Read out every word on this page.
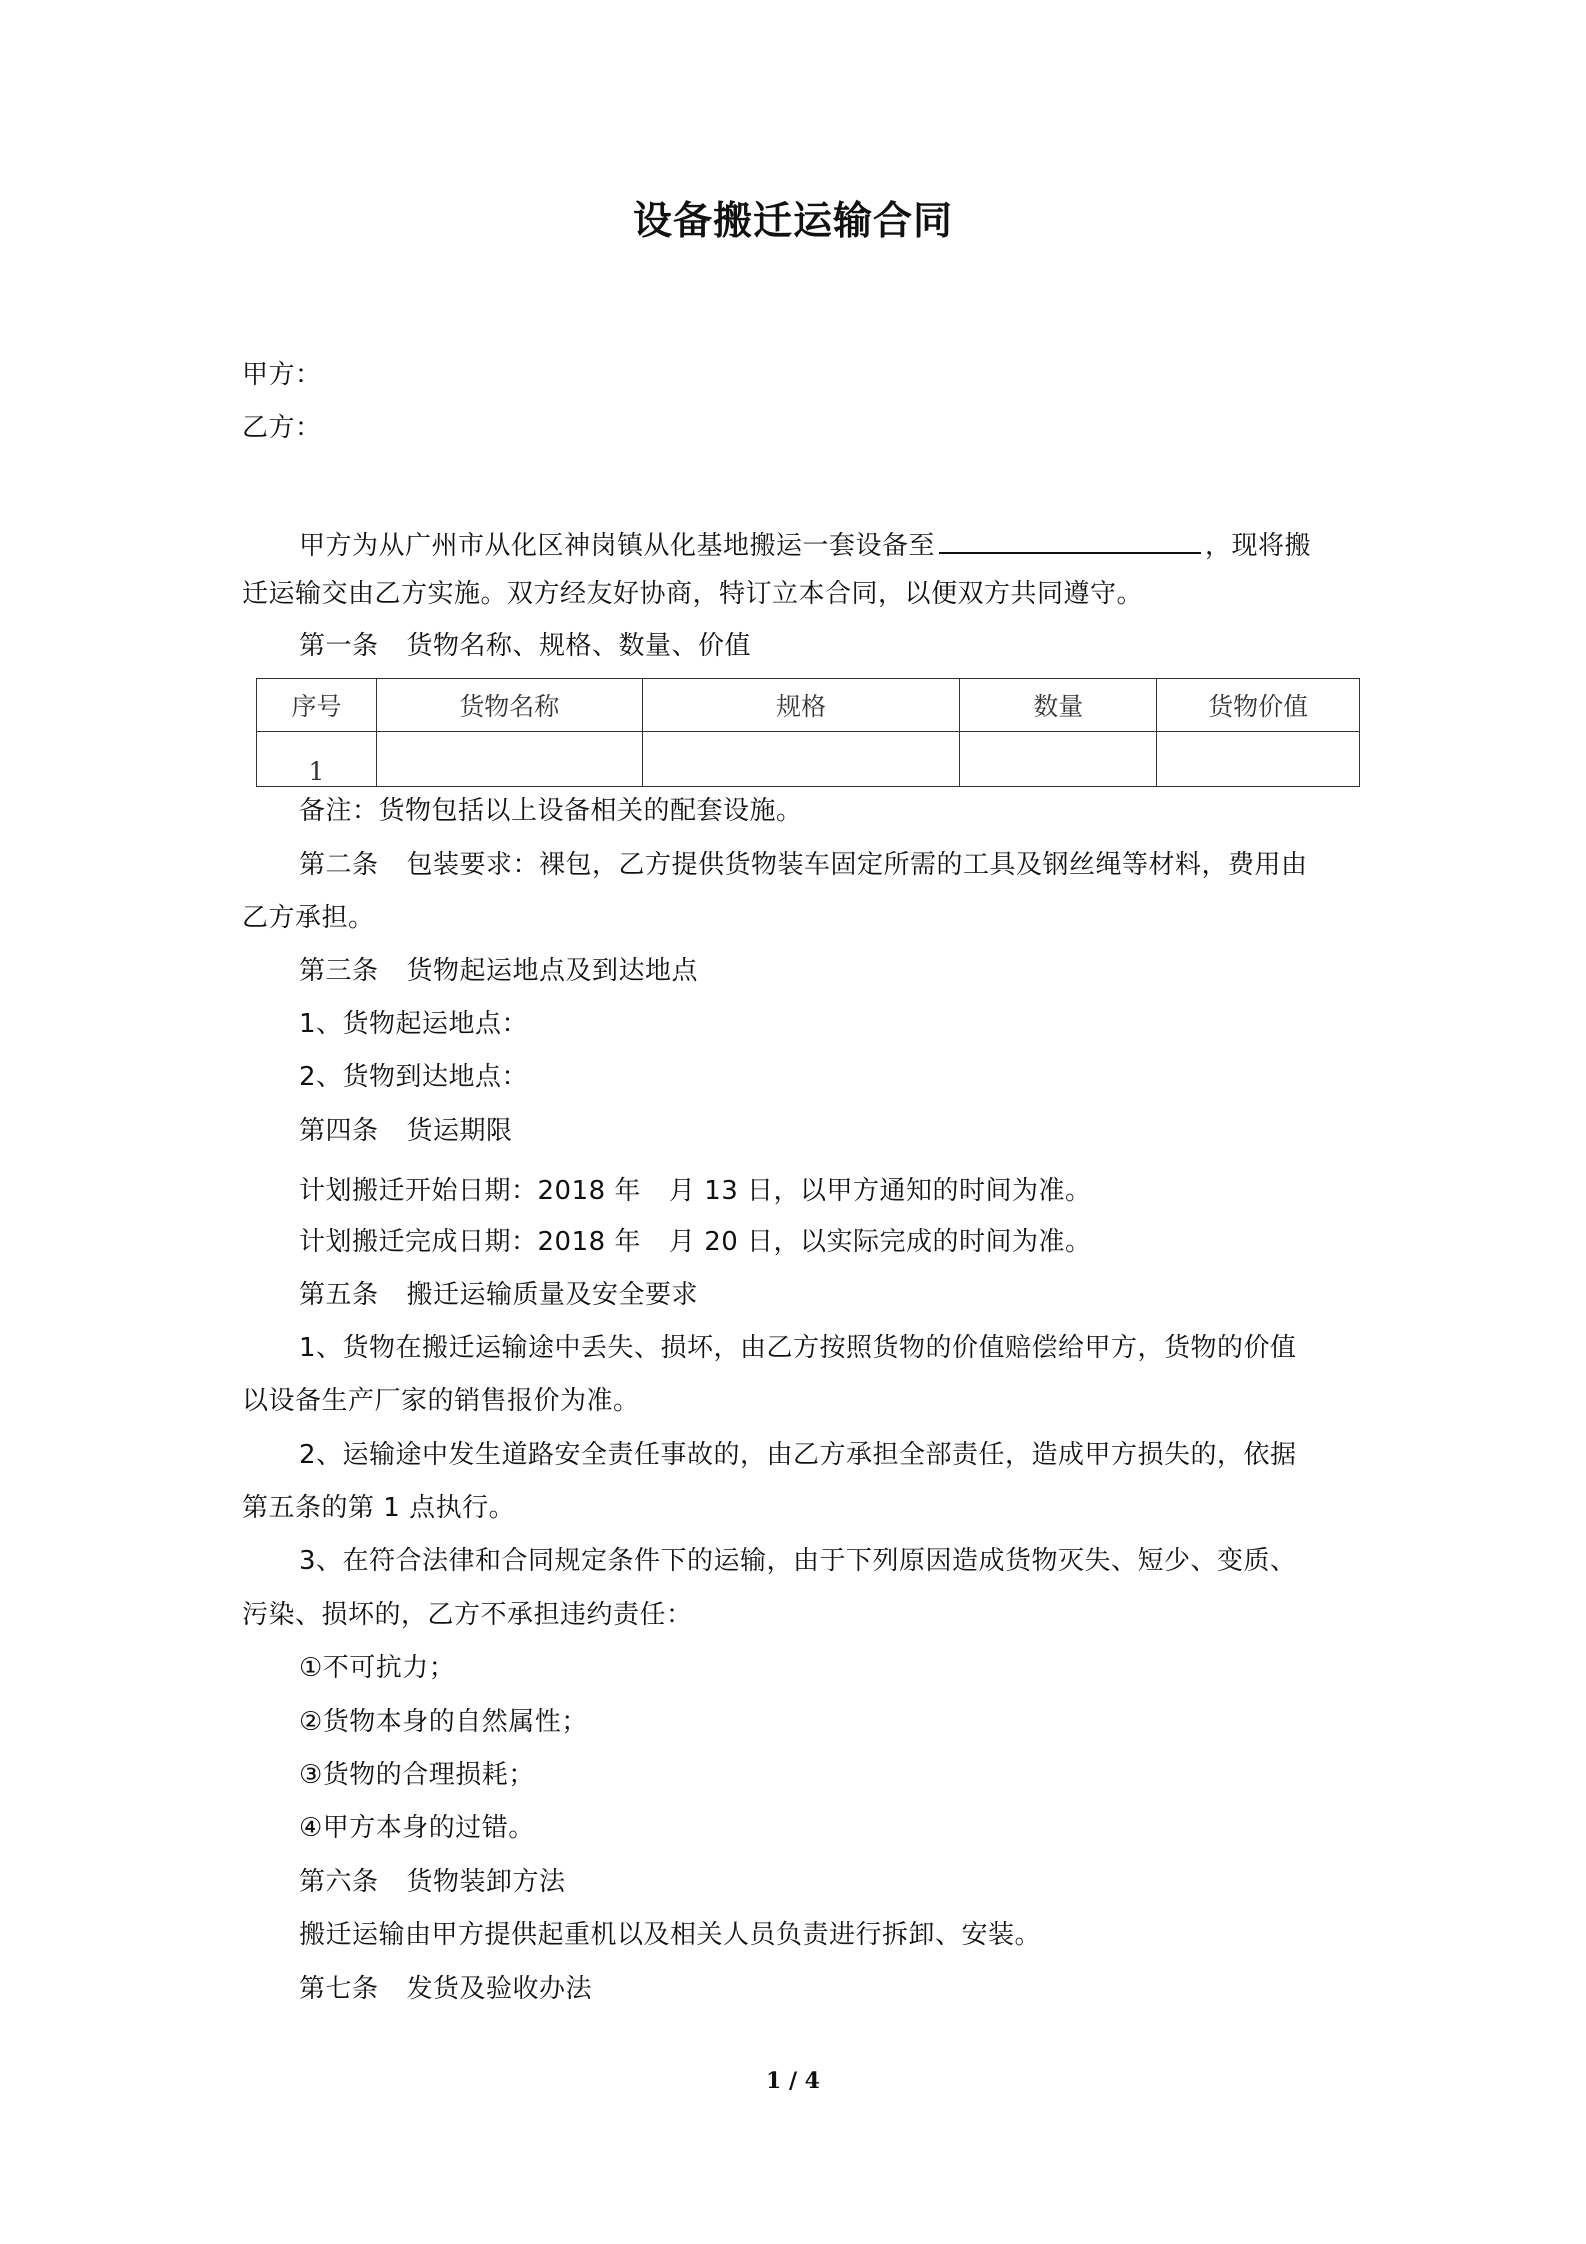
设备搬迁运输合同
甲方：
乙方：
甲方为从广州市从化区神岗镇从化基地搬运一套设备至	，现将搬
迁运输交由乙方实施。双方经友好协商，特订立本合同，以便双方共同遵守。
第一条 货物名称、规格、数量、价值
序号	货物名称	规格	数量	货物价值
1				
备注：货物包括以上设备相关的配套设施。
第二条 包装要求：裸包，乙方提供货物装车固定所需的工具及钢丝绳等材料，费用由
乙方承担。
第三条 货物起运地点及到达地点
1、货物起运地点：
2、货物到达地点：
第四条 货运期限
计划搬迁开始日期：2018 年 月 13 日，以甲方通知的时间为准。
计划搬迁完成日期：2018 年 月 20 日，以实际完成的时间为准。
第五条 搬迁运输质量及安全要求
1、货物在搬迁运输途中丢失、损坏，由乙方按照货物的价值赔偿给甲方，货物的价值
以设备生产厂家的销售报价为准。
2、运输途中发生道路安全责任事故的，由乙方承担全部责任，造成甲方损失的，依据
第五条的第 1 点执行。
3、在符合法律和合同规定条件下的运输，由于下列原因造成货物灭失、短少、变质、
污染、损坏的，乙方不承担违约责任：
①不可抗力；
②货物本身的自然属性；
③货物的合理损耗；
④甲方本身的过错。
第六条 货物装卸方法
搬迁运输由甲方提供起重机以及相关人员负责进行拆卸、安装。
第七条 发货及验收办法
1 / 4
